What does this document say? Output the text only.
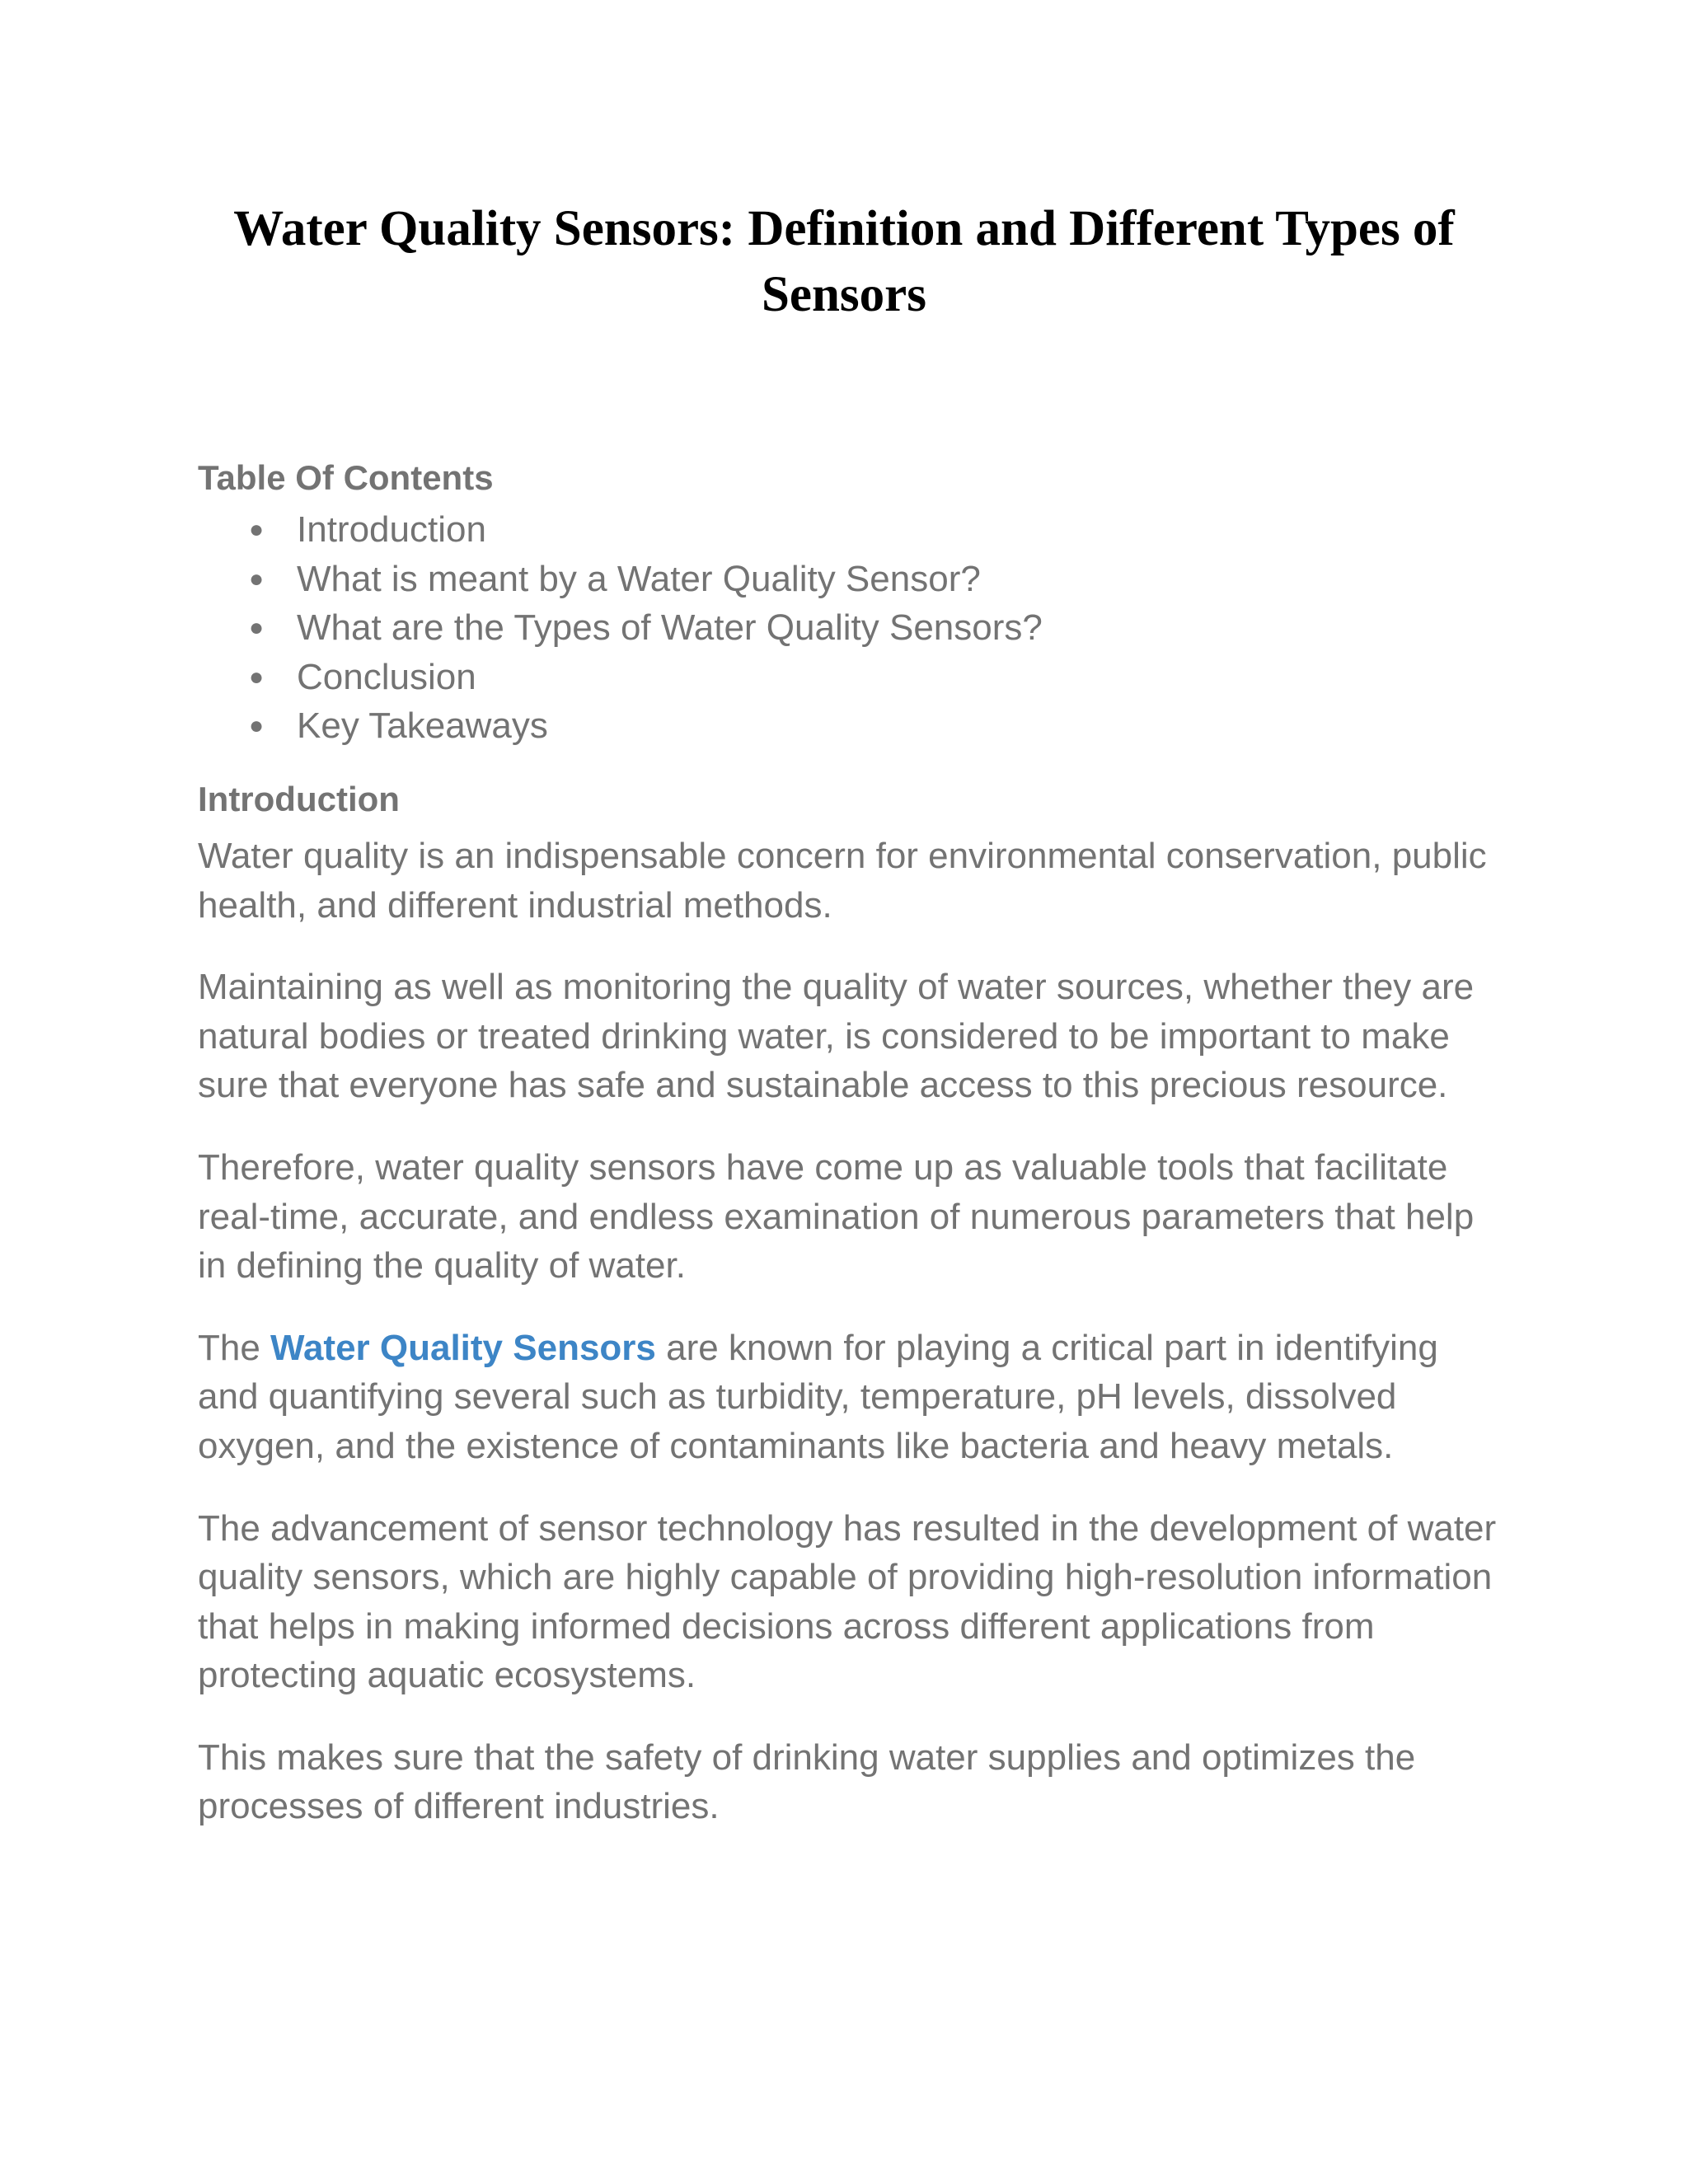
Water Quality Sensors: Definition and Different Types of Sensors
Table Of Contents
● Introduction
● What is meant by a Water Quality Sensor?
● What are the Types of Water Quality Sensors?
● Conclusion
● Key Takeaways
Introduction

Water quality is an indispensable concern for environmental conservation, public health, and different industrial methods.

Maintaining as well as monitoring the quality of water sources, whether they are natural bodies or treated drinking water, is considered to be important to make sure that everyone has safe and sustainable access to this precious resource.

Therefore, water quality sensors have come up as valuable tools that facilitate real-time, accurate, and endless examination of numerous parameters that help in defining the quality of water.

The Water Quality Sensors are known for playing a critical part in identifying and quantifying several such as turbidity, temperature, pH levels, dissolved oxygen, and the existence of contaminants like bacteria and heavy metals.

The advancement of sensor technology has resulted in the development of water quality sensors, which are highly capable of providing high-resolution information that helps in making informed decisions across different applications from protecting aquatic ecosystems.

This makes sure that the safety of drinking water supplies and optimizes the processes of different industries.
